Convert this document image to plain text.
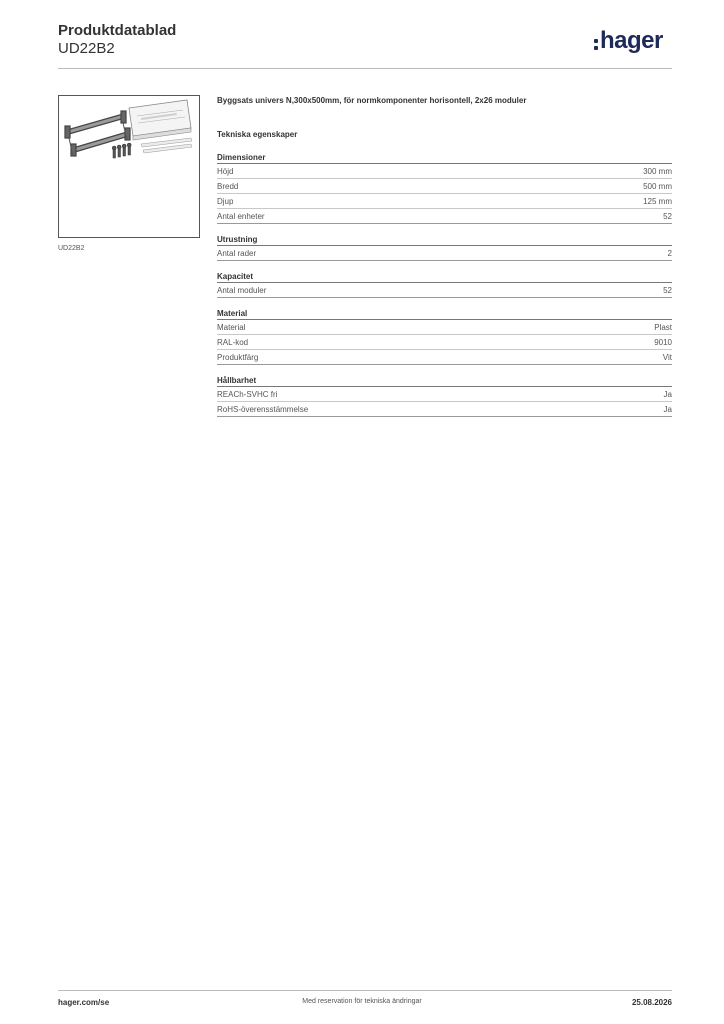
Produktdatablad
UD22B2	hager
UD22B2
Byggsats univers N,300x500mm, för normkomponenter horisontell, 2x26 moduler
Tekniska egenskaper
Dimensioner
Höjd	300 mm
Bredd	500 mm
Djup	125 mm
Antal enheter	52
Utrustning
Antal rader	2
Kapacitet
Antal moduler	52
Material
Material	Plast
RAL-kod	9010
Produktfärg	Vit
Hållbarhet
REACh-SVHC fri	Ja
RoHS-överensstämmelse	Ja
hager.com/se	Med reservation för tekniska ändringar	25.08.2026
